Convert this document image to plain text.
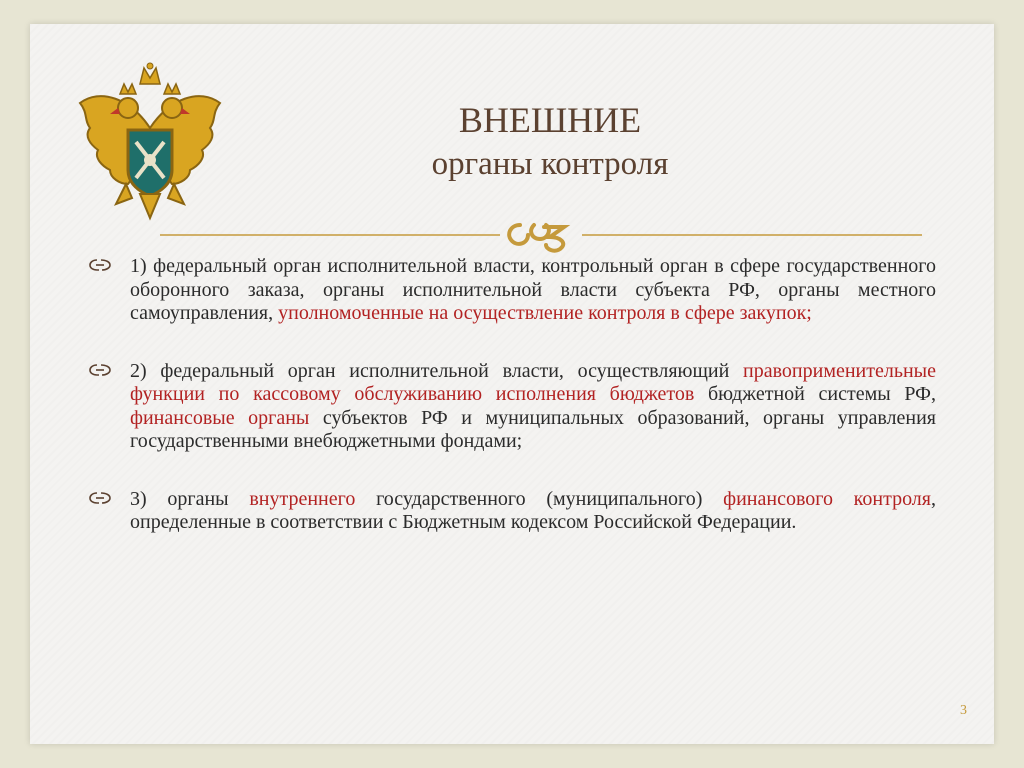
ВНЕШНИЕ
органы контроля
1) федеральный орган исполнительной власти, контрольный орган в сфере государственного оборонного заказа, органы исполнительной власти субъекта РФ, органы местного самоуправления, уполномоченные на осуществление контроля в сфере закупок;
2) федеральный орган исполнительной власти, осуществляющий правоприменительные функции по кассовому обслуживанию исполнения бюджетов бюджетной системы РФ, финансовые органы субъектов РФ и муниципальных образований, органы управления государственными внебюджетными фондами;
3) органы внутреннего государственного (муниципального) финансового контроля, определенные в соответствии с Бюджетным кодексом Российской Федерации.
3
